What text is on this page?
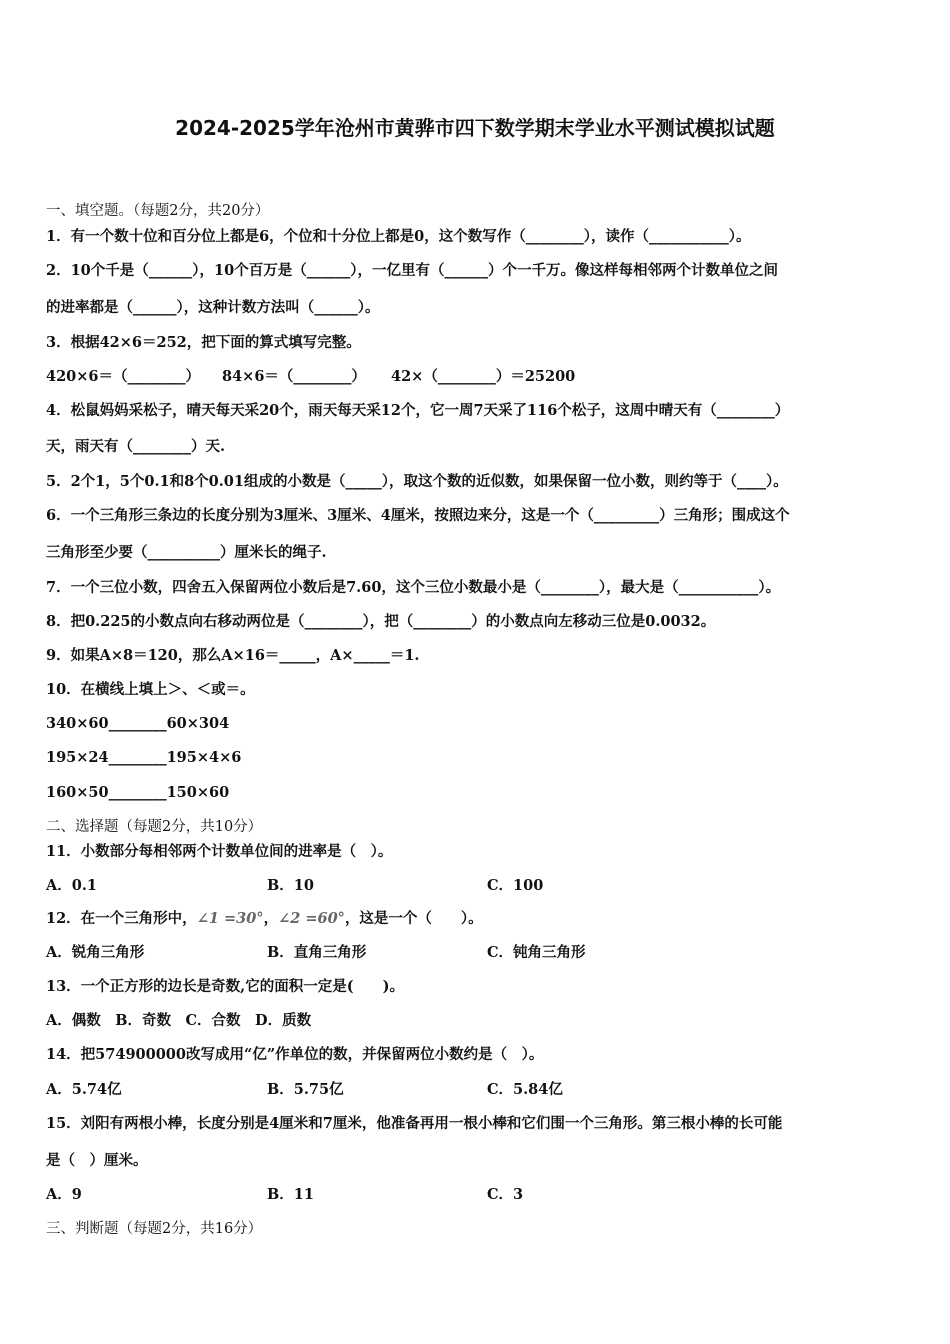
2024-2025学年沧州市黄骅市四下数学期末学业水平测试模拟试题
一、填空题。（每题2分，共20分）
1．有一个数十位和百分位上都是6，个位和十分位上都是0，这个数写作（________），读作（___________）。
2．10个千是（______），10个百万是（______），一亿里有（______）个一千万。像这样每相邻两个计数单位之间
的进率都是（______），这种计数方法叫（______）。
3．根据42×6＝252，把下面的算式填写完整。
420×6＝（________） 84×6＝（________） 42×（________）＝25200
4．松鼠妈妈采松子，晴天每天采20个，雨天每天采12个，它一周7天采了116个松子，这周中晴天有（________）
天，雨天有（________）天.
5．2个1，5个0.1和8个0.01组成的小数是（_____），取这个数的近似数，如果保留一位小数，则约等于（____）。
6．一个三角形三条边的长度分别为3厘米、3厘米、4厘米，按照边来分，这是一个（_________）三角形；围成这个
三角形至少要（__________）厘米长的绳子.
7．一个三位小数，四舍五入保留两位小数后是7.60，这个三位小数最小是（________），最大是（___________）。
8．把0.225的小数点向右移动两位是（________），把（________）的小数点向左移动三位是0.0032。
9．如果A×8＝120，那么A×16＝_____，A×_____＝1.
10．在横线上填上＞、＜或＝。
340×60________60×304
195×24________195×4×6
160×50________150×60
二、选择题（每题2分，共10分）
11．小数部分每相邻两个计数单位间的进率是（　）。
A．0.1	B．10	C．100
12．在一个三角形中，∠1 =30°，∠2 =60°，这是一个（　　）。
A．锐角三角形	B．直角三角形	C．钝角三角形
13．一个正方形的边长是奇数,它的面积一定是(　　)。
A．偶数　B．奇数　C．合数　D．质数
14．把574900000改写成用“亿”作单位的数，并保留两位小数约是（　）。
A．5.74亿	B．5.75亿	C．5.84亿
15．刘阳有两根小棒，长度分别是4厘米和7厘米，他准备再用一根小棒和它们围一个三角形。第三根小棒的长可能
是（　）厘米。
A．9	B．11	C．3
三、判断题（每题2分，共16分）
